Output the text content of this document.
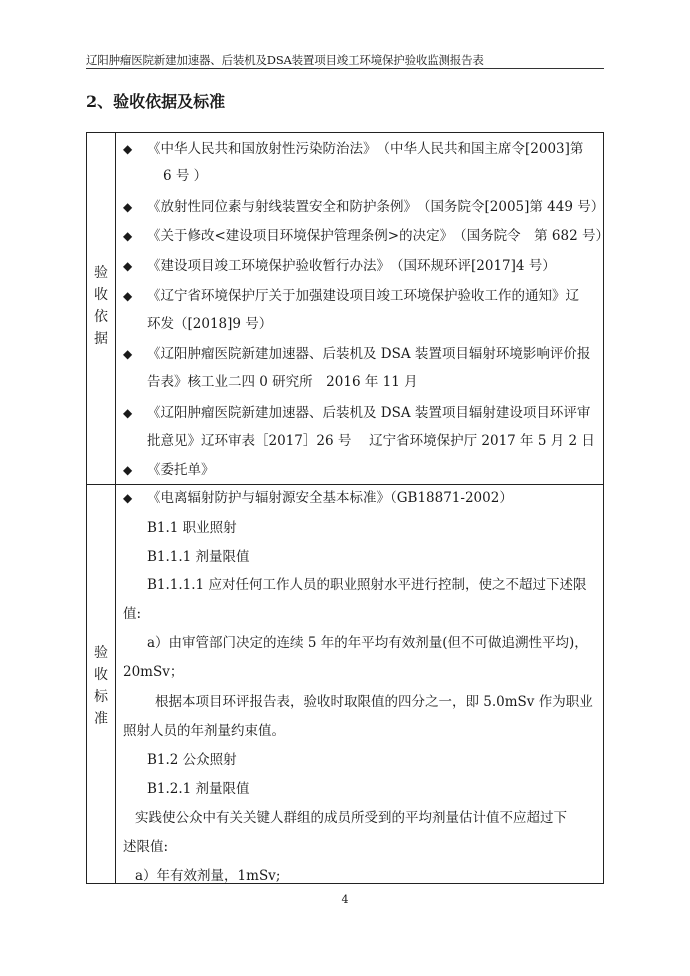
辽阳肿瘤医院新建加速器、后装机及DSA装置项目竣工环境保护验收监测报告表
2、验收依据及标准
验
收
依
据
◆ 《中华人民共和国放射性污染防治法》　（中华人民共和国主席令[2003]第
6 号 ）
◆ 《放射性同位素与射线装置安全和防护条例》　（国务院令[2005]第 449 号）
◆ 《关于修改<建设项目环境保护管理条例>的决定》　（国务院令　第 682 号）
◆ 《建设项目竣工环境保护验收暂行办法》　（国环规环评[2017]4 号）
◆ 《辽宁省环境保护厅关于加强建设项目竣工环境保护验收工作的通知》辽
环发（[2018]9 号）
◆ 《辽阳肿瘤医院新建加速器、后装机及 DSA 装置项目辐射环境影响评价报
告表》核工业二四 0 研究所　2016 年 11 月
◆ 《辽阳肿瘤医院新建加速器、后装机及 DSA 装置项目辐射建设项目环评审
批意见》辽环审表［2017］26 号　 辽宁省环境保护厅 2017 年 5 月 2 日
◆ 《委托单》
验
收
标
准
◆ 《电离辐射防护与辐射源安全基本标准》（GB18871-2002）
B1.1 职业照射
B1.1.1 剂量限值
B1.1.1.1 应对任何工作人员的职业照射水平进行控制，使之不超过下述限
值:
a）由审管部门决定的连续 5 年的年平均有效剂量(但不可做追溯性平均)，
20mSv；
根据本项目环评报告表，验收时取限值的四分之一，即 5.0mSv 作为职业
照射人员的年剂量约束值。
B1.2 公众照射
B1.2.1 剂量限值
实践使公众中有关关键人群组的成员所受到的平均剂量估计值不应超过下
述限值:
a）年有效剂量，1mSv;
4
